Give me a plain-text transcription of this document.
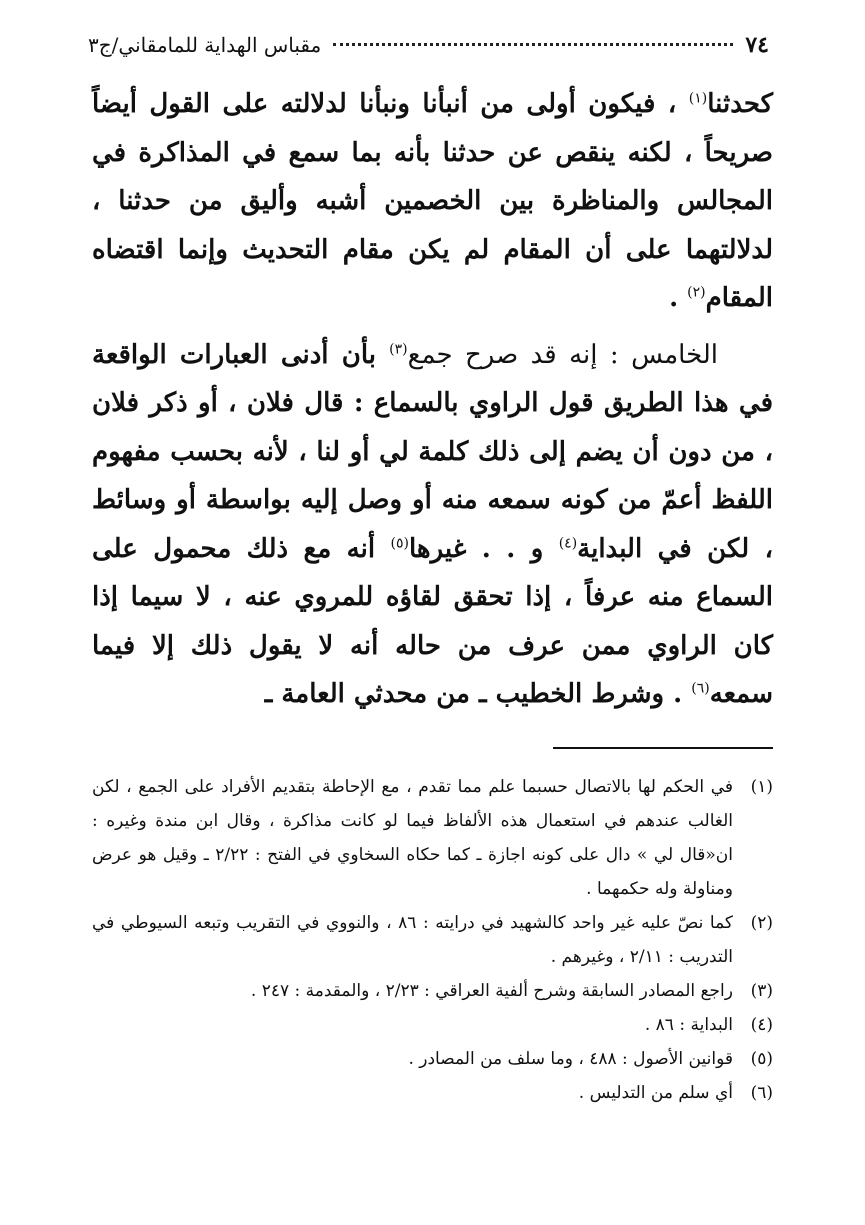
٧٤
مقباس الهداية للمامقاني/ج٣

كحدثنا$^{(١)}$ ، فيكون أولى من أنبأنا ونبأنا لدلالته على القول أيضاً صريحاً ، لكنه ينقص عن حدثنا بأنه بما سمع في المذاكرة في المجالس والمناظرة بين الخصمين أشبه وأليق من حدثنا ، لدلالتهما على أن المقام لم يكن مقام التحديث وإنما اقتضاه المقام$^{(٢)}$ .

الخامس : إنه قد صرح جمع$^{(٣)}$ بأن أدنى العبارات الواقعة في هذا الطريق قول الراوي بالسماع : قال فلان ، أو ذكر فلان ، من دون أن يضم إلى ذلك كلمة لي أو لنا ، لأنه بحسب مفهوم اللفظ أعمّ من كونه سمعه منه أو وصل إليه بواسطة أو وسائط ، لكن في البداية$^{(٤)}$ و . . غيرها$^{(٥)}$ أنه مع ذلك محمول على السماع منه عرفاً ، إذا تحقق لقاؤه للمروي عنه ، لا سيما إذا كان الراوي ممن عرف من حاله أنه لا يقول ذلك إلا فيما سمعه$^{(٦)}$ . وشرط الخطيب ـ من محدثي العامة ـ

(١)
في الحكم لها بالاتصال حسبما علم مما تقدم ، مع الإحاطة بتقديم الأفراد على الجمع ، لكن الغالب عندهم في استعمال هذه الألفاظ فيما لو كانت مذاكرة ، وقال ابن مندة وغيره : ان«قال لي » دال على كونه اجازة ـ كما حكاه السخاوي في الفتح : ٢/٢٢ ـ وقيل هو عرض ومناولة وله حكمهما .
(٢)
كما نصّ عليه غير واحد كالشهيد في درايته : ٨٦ ، والنووي في التقريب وتبعه السيوطي في التدريب : ٢/١١ ، وغيرهم .
(٣)
راجع المصادر السابقة وشرح ألفية العراقي : ٢/٢٣ ، والمقدمة : ٢٤٧ .
(٤)
البداية : ٨٦ .
(٥)
قوانين الأصول : ٤٨٨ ، وما سلف من المصادر .
(٦)
أي سلم من التدليس .
